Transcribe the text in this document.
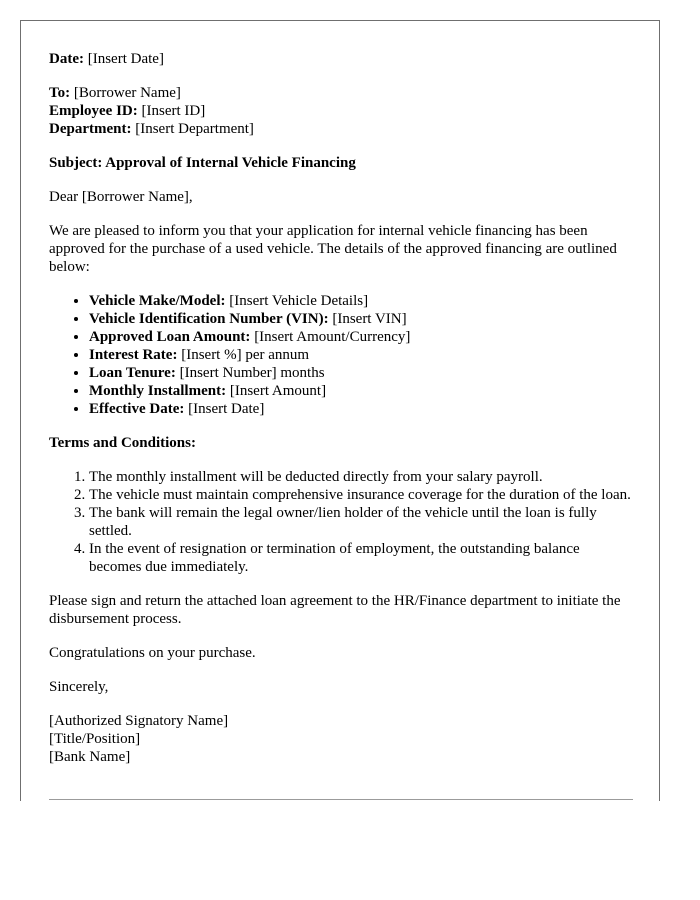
Date: [Insert Date]

To: [Borrower Name]
Employee ID: [Insert ID]
Department: [Insert Department]

Subject: Approval of Internal Vehicle Financing

Dear [Borrower Name],

We are pleased to inform you that your application for internal vehicle financing has been approved for the purchase of a used vehicle. The details of the approved financing are outlined below:

• Vehicle Make/Model: [Insert Vehicle Details]
• Vehicle Identification Number (VIN): [Insert VIN]
• Approved Loan Amount: [Insert Amount/Currency]
• Interest Rate: [Insert %] per annum
• Loan Tenure: [Insert Number] months
• Monthly Installment: [Insert Amount]
• Effective Date: [Insert Date]

Terms and Conditions:

1. The monthly installment will be deducted directly from your salary payroll.
2. The vehicle must maintain comprehensive insurance coverage for the duration of the loan.
3. The bank will remain the legal owner/lien holder of the vehicle until the loan is fully settled.
4. In the event of resignation or termination of employment, the outstanding balance becomes due immediately.

Please sign and return the attached loan agreement to the HR/Finance department to initiate the disbursement process.

Congratulations on your purchase.

Sincerely,

[Authorized Signatory Name]
[Title/Position]
[Bank Name]
